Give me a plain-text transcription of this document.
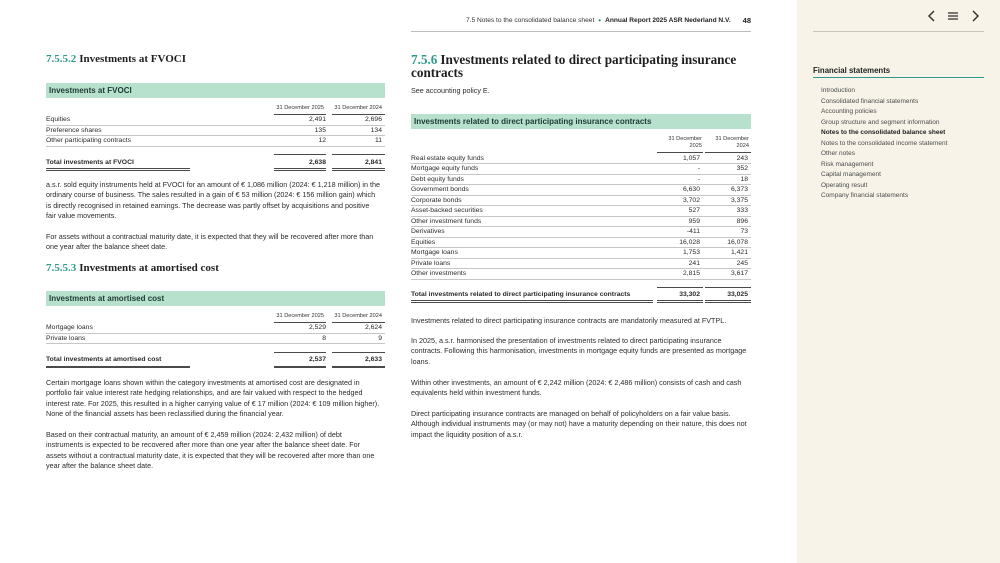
7.5 Notes to the consolidated balance sheet • Annual Report 2025 ASR Nederland N.V. 48
7.5.5.2 Investments at FVOCI
Investments at FVOCI
31 December 2025	31 December 2024
Equities	2,491	2,696
Preference shares	135	134
Other participating contracts	12	11
Total investments at FVOCI	2,638	2,841
a.s.r. sold equity instruments held at FVOCI for an amount of € 1,086 million (2024: € 1,218 million) in the ordinary course of business. The sales resulted in a gain of € 53 million (2024: € 156 million gain) which is directly recognised in retained earnings. The decrease was partly offset by acquisitions and positive fair value movements.
For assets without a contractual maturity date, it is expected that they will be recovered after more than one year after the balance sheet date.
7.5.5.3 Investments at amortised cost
Investments at amortised cost
31 December 2025	31 December 2024
Mortgage loans	2,529	2,624
Private loans	8	9
Total investments at amortised cost	2,537	2,633
Certain mortgage loans shown within the category investments at amortised cost are designated in portfolio fair value interest rate hedging relationships, and are fair valued with respect to the hedged interest rate. For 2025, this resulted in a higher carrying value of € 17 million (2024: € 109 million higher). None of the financial assets has been reclassified during the financial year.
Based on their contractual maturity, an amount of € 2,459 million (2024: 2,432 million) of debt instruments is expected to be recovered after more than one year after the balance sheet date. For assets without a contractual maturity date, it is expected that they will be recovered after more than one year after the balance sheet date.
7.5.6 Investments related to direct participating insurance contracts
See accounting policy E.
Investments related to direct participating insurance contracts
31 December
2025
31 December
2024
Real estate equity funds	1,057	243
Mortgage equity funds	-	352
Debt equity funds	-	18
Government bonds	6,630	6,373
Corporate bonds	3,702	3,375
Asset-backed securities	527	333
Other investment funds	959	896
Derivatives	-411	73
Equities	16,028	16,078
Mortgage loans	1,753	1,421
Private loans	241	245
Other investments	2,815	3,617
Total investments related to direct participating insurance contracts	33,302	33,025
Investments related to direct participating insurance contracts are mandatorily measured at FVTPL.
In 2025, a.s.r. harmonised the presentation of investments related to direct participating insurance contracts. Following this harmonisation, investments in mortgage equity funds are presented as mortgage loans.
Within other investments, an amount of € 2,242 million (2024: € 2,486 million) consists of cash and cash equivalents held within investment funds.
Direct participating insurance contracts are managed on behalf of policyholders on a fair value basis. Although individual instruments may (or may not) have a maturity depending on their nature, this does not impact the liquidity position of a.s.r.
Financial statements
Introduction
Consolidated financial statements
Accounting policies
Group structure and segment information
Notes to the consolidated balance sheet
Notes to the consolidated income statement
Other notes
Risk management
Capital management
Operating result
Company financial statements
